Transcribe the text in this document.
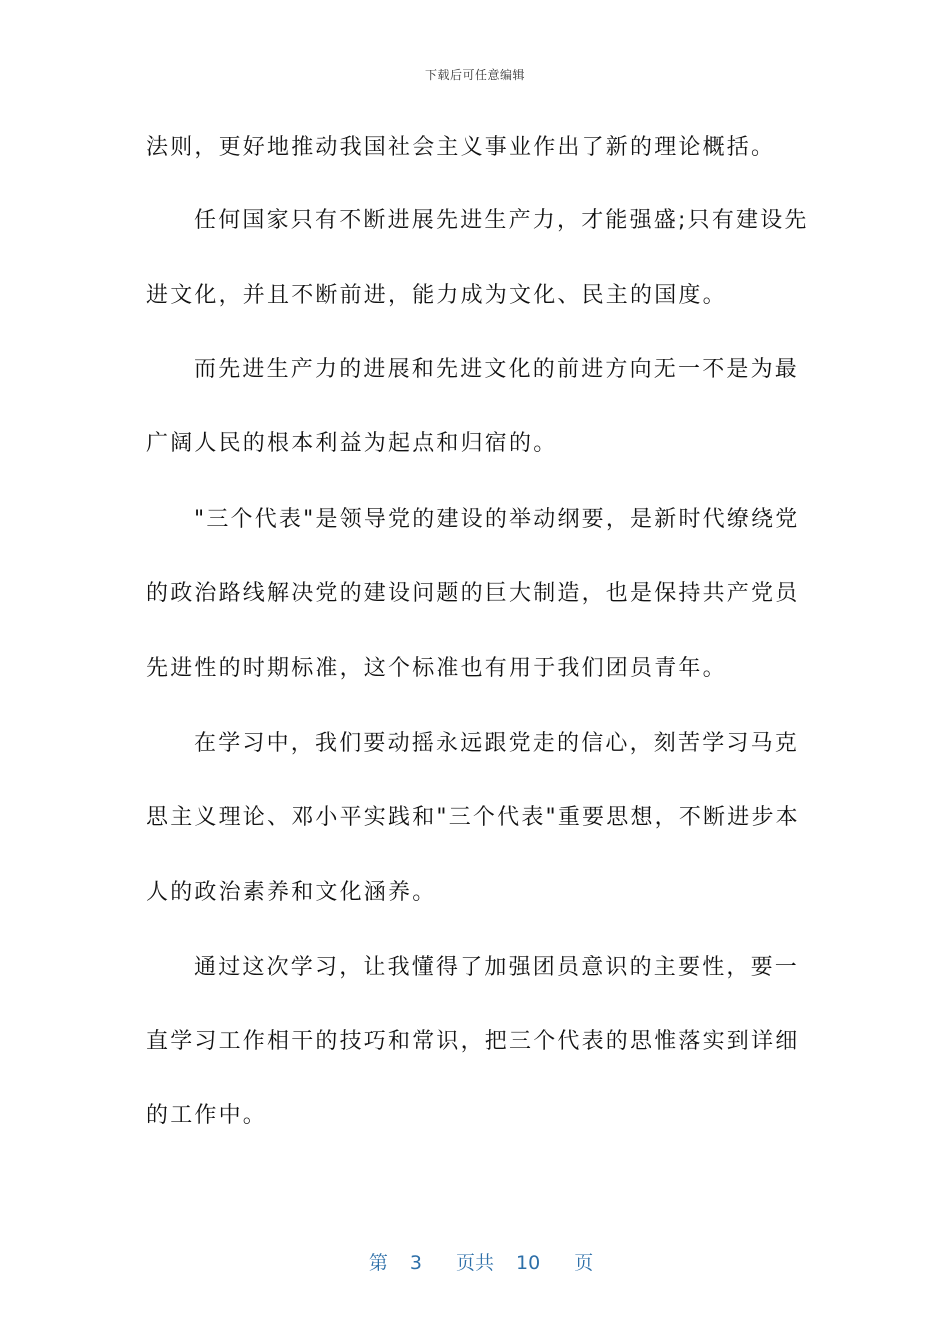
下载后可任意编辑
法则，更好地推动我国社会主义事业作出了新的理论概括。
任何国家只有不断进展先进生产力，才能强盛;只有建设先
进文化，并且不断前进，能力成为文化、民主的国度。
而先进生产力的进展和先进文化的前进方向无一不是为最
广阔人民的根本利益为起点和归宿的。
"三个代表"是领导党的建设的举动纲要，是新时代缭绕党
的政治路线解决党的建设问题的巨大制造，也是保持共产党员
先进性的时期标准，这个标准也有用于我们团员青年。
在学习中，我们要动摇永远跟党走的信心，刻苦学习马克
思主义理论、邓小平实践和"三个代表"重要思想，不断进步本
人的政治素养和文化涵养。
通过这次学习，让我懂得了加强团员意识的主要性，要一
直学习工作相干的技巧和常识，把三个代表的思惟落实到详细
的工作中。

第 3 页共 10 页
